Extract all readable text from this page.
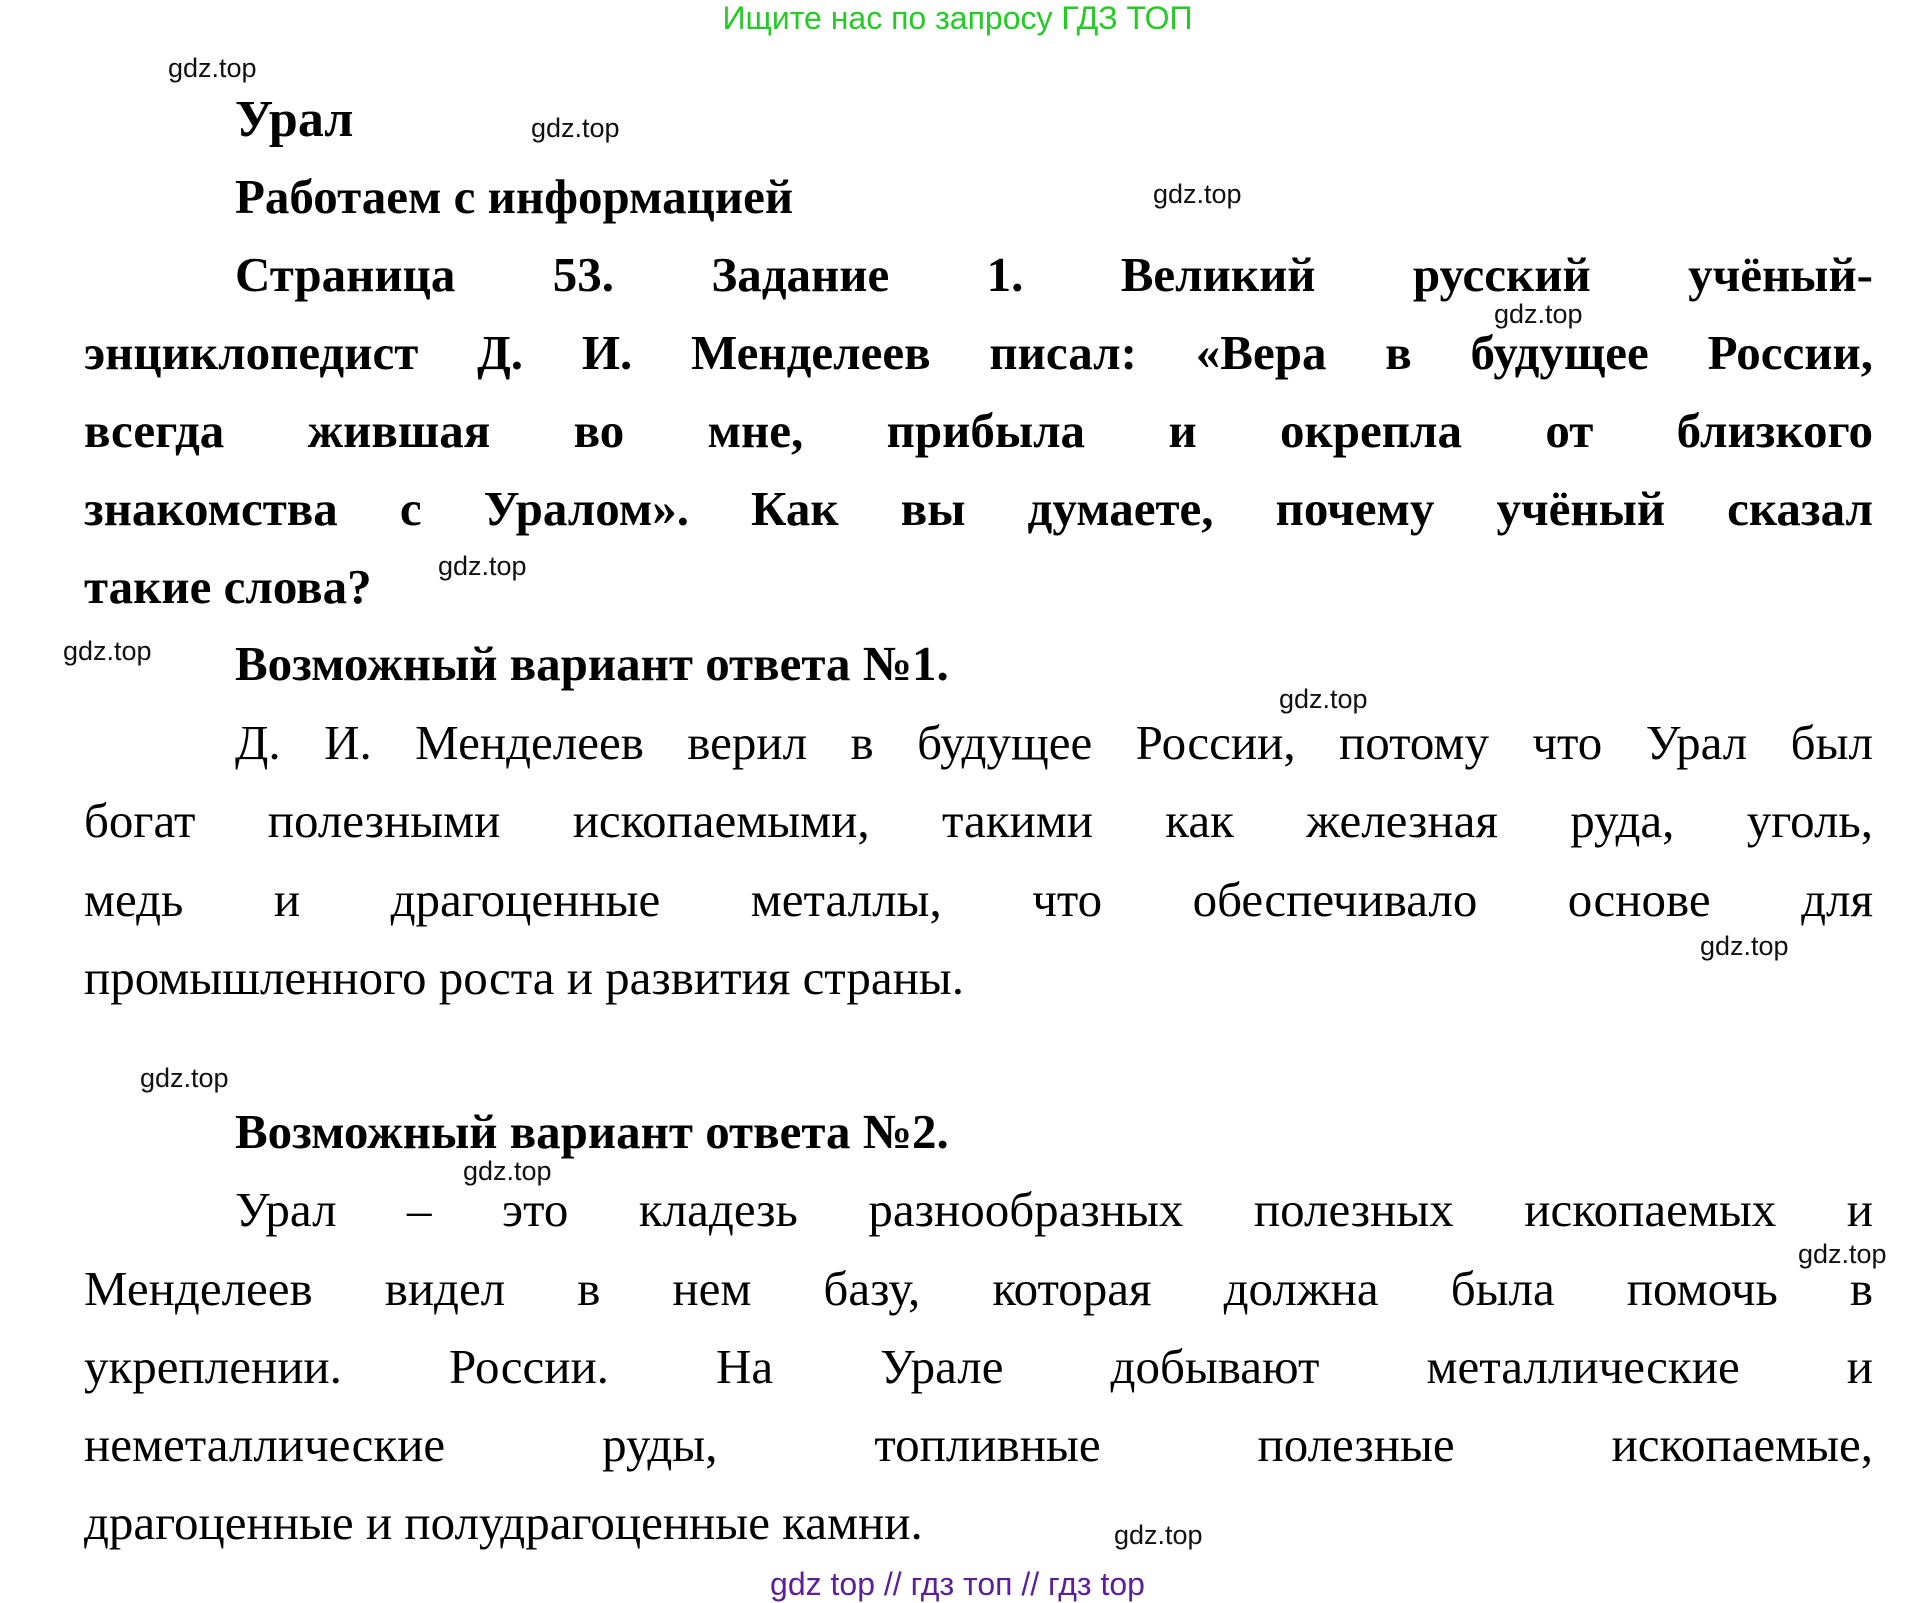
Ищите нас по запросу ГДЗ ТОП
Урал
Работаем с информацией
Страница 53. Задание 1. Великий русский учёный-
энциклопедист Д. И. Менделеев писал: «Вера в будущее России,
всегда жившая во мне, прибыла и окрепла от близкого
знакомства с Уралом». Как вы думаете, почему учёный сказал
такие слова?
Возможный вариант ответа №1.
Д. И. Менделеев верил в будущее России, потому что Урал был
богат полезными ископаемыми, такими как железная руда, уголь,
медь и драгоценные металлы, что обеспечивало основе для
промышленного роста и развития страны.
Возможный вариант ответа №2.
Урал – это кладезь разнообразных полезных ископаемых и
Менделеев видел в нем базу, которая должна была помочь в
укреплении. России. На Урале добывают металлические и
неметаллические руды, топливные полезные ископаемые,
драгоценные и полудрагоценные камни.
gdz.top
gdz.top
gdz.top
gdz.top
gdz.top
gdz.top
gdz.top
gdz.top
gdz.top
gdz.top
gdz.top
gdz.top
gdz top // гдз топ // гдз top
